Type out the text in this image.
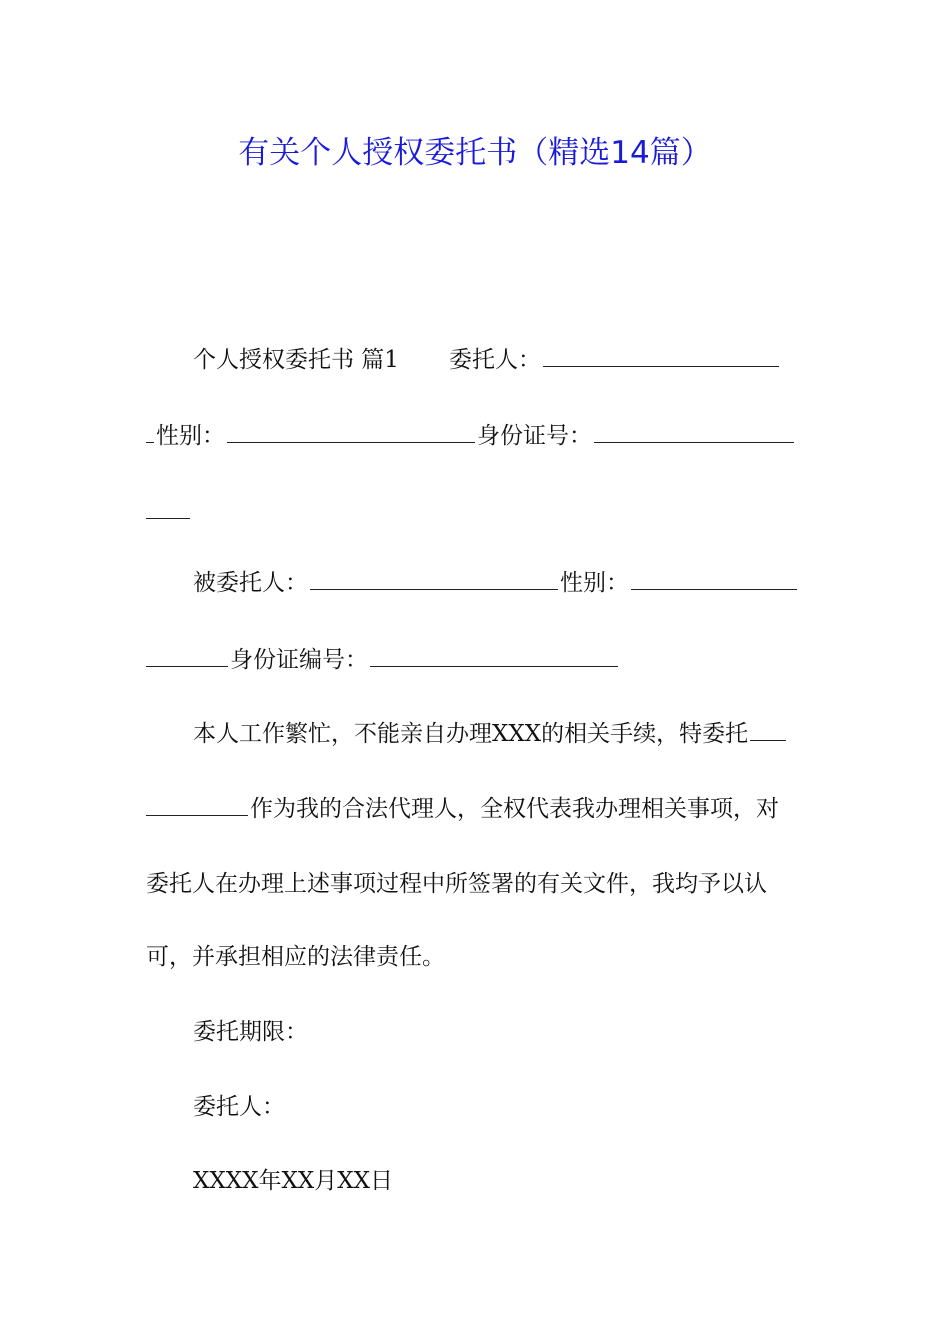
有关个人授权委托书（精选14篇）
个人授权委托书 篇1 委托人：
性别：	身份证号：
被委托人：	性别：
身份证编号：
本人工作繁忙，不能亲自办理XXX的相关手续，特委托
作为我的合法代理人，全权代表我办理相关事项，对
委托人在办理上述事项过程中所签署的有关文件，我均予以认
可，并承担相应的法律责任。
委托期限：
委托人：
XXXX年XX月XX日
